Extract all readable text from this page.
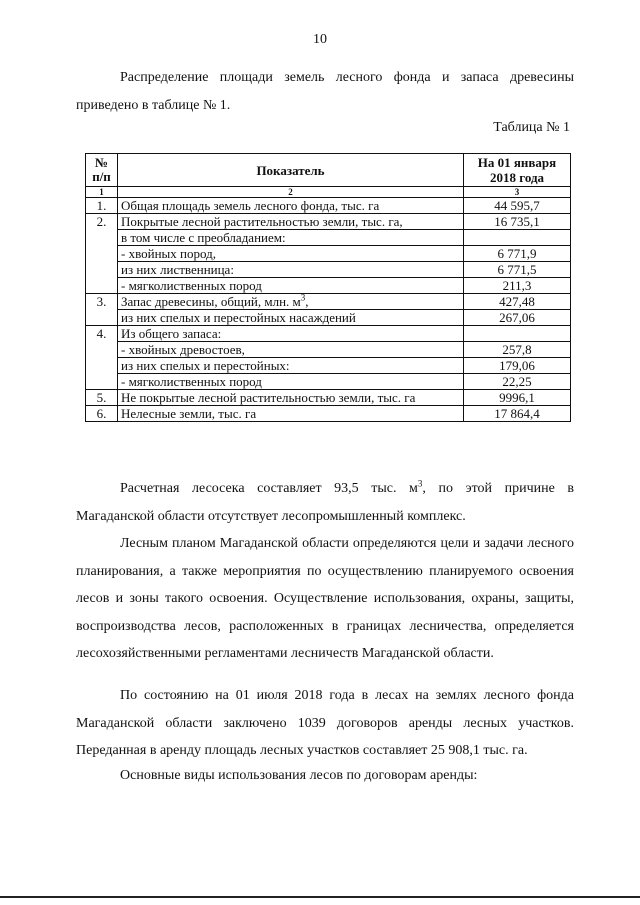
10

Распределение площади земель лесного фонда и запаса древесины приведено в таблице № 1.

Таблица № 1
№ п/п	Показатель	На 01 января 2018 года
1	2	3
1.	Общая площадь земель лесного фонда, тыс. га	44 595,7
2.	Покрытые лесной растительностью земли, тыс. га,	16 735,1
	в том числе с преобладанием:	
	- хвойных пород,	6 771,9
	из них лиственница:	6 771,5
	- мягколиственных пород	211,3
3.	Запас древесины, общий, млн. $м^3$,	427,48
	из них спелых и перестойных насаждений	267,06
4.	Из общего запаса:	
	- хвойных древостоев,	257,8
	из них спелых и перестойных:	179,06
	- мягколиственных пород	22,25
5.	Не покрытые лесной растительностью земли, тыс. га	9996,1
6.	Нелесные земли, тыс. га	17 864,4

Расчетная лесосека составляет 93,5 тыс. $м^3$, по этой причине в Магаданской области отсутствует лесопромышленный комплекс.

Лесным планом Магаданской области определяются цели и задачи лесного планирования, а также мероприятия по осуществлению планируемого освоения лесов и зоны такого освоения. Осуществление использования, охраны, защиты, воспроизводства лесов, расположенных в границах лесничества, определяется лесохозяйственными регламентами лесничеств Магаданской области.

По состоянию на 01 июля 2018 года в лесах на землях лесного фонда Магаданской области заключено 1039 договоров аренды лесных участков. Переданная в аренду площадь лесных участков составляет 25 908,1 тыс. га.

Основные виды использования лесов по договорам аренды:
